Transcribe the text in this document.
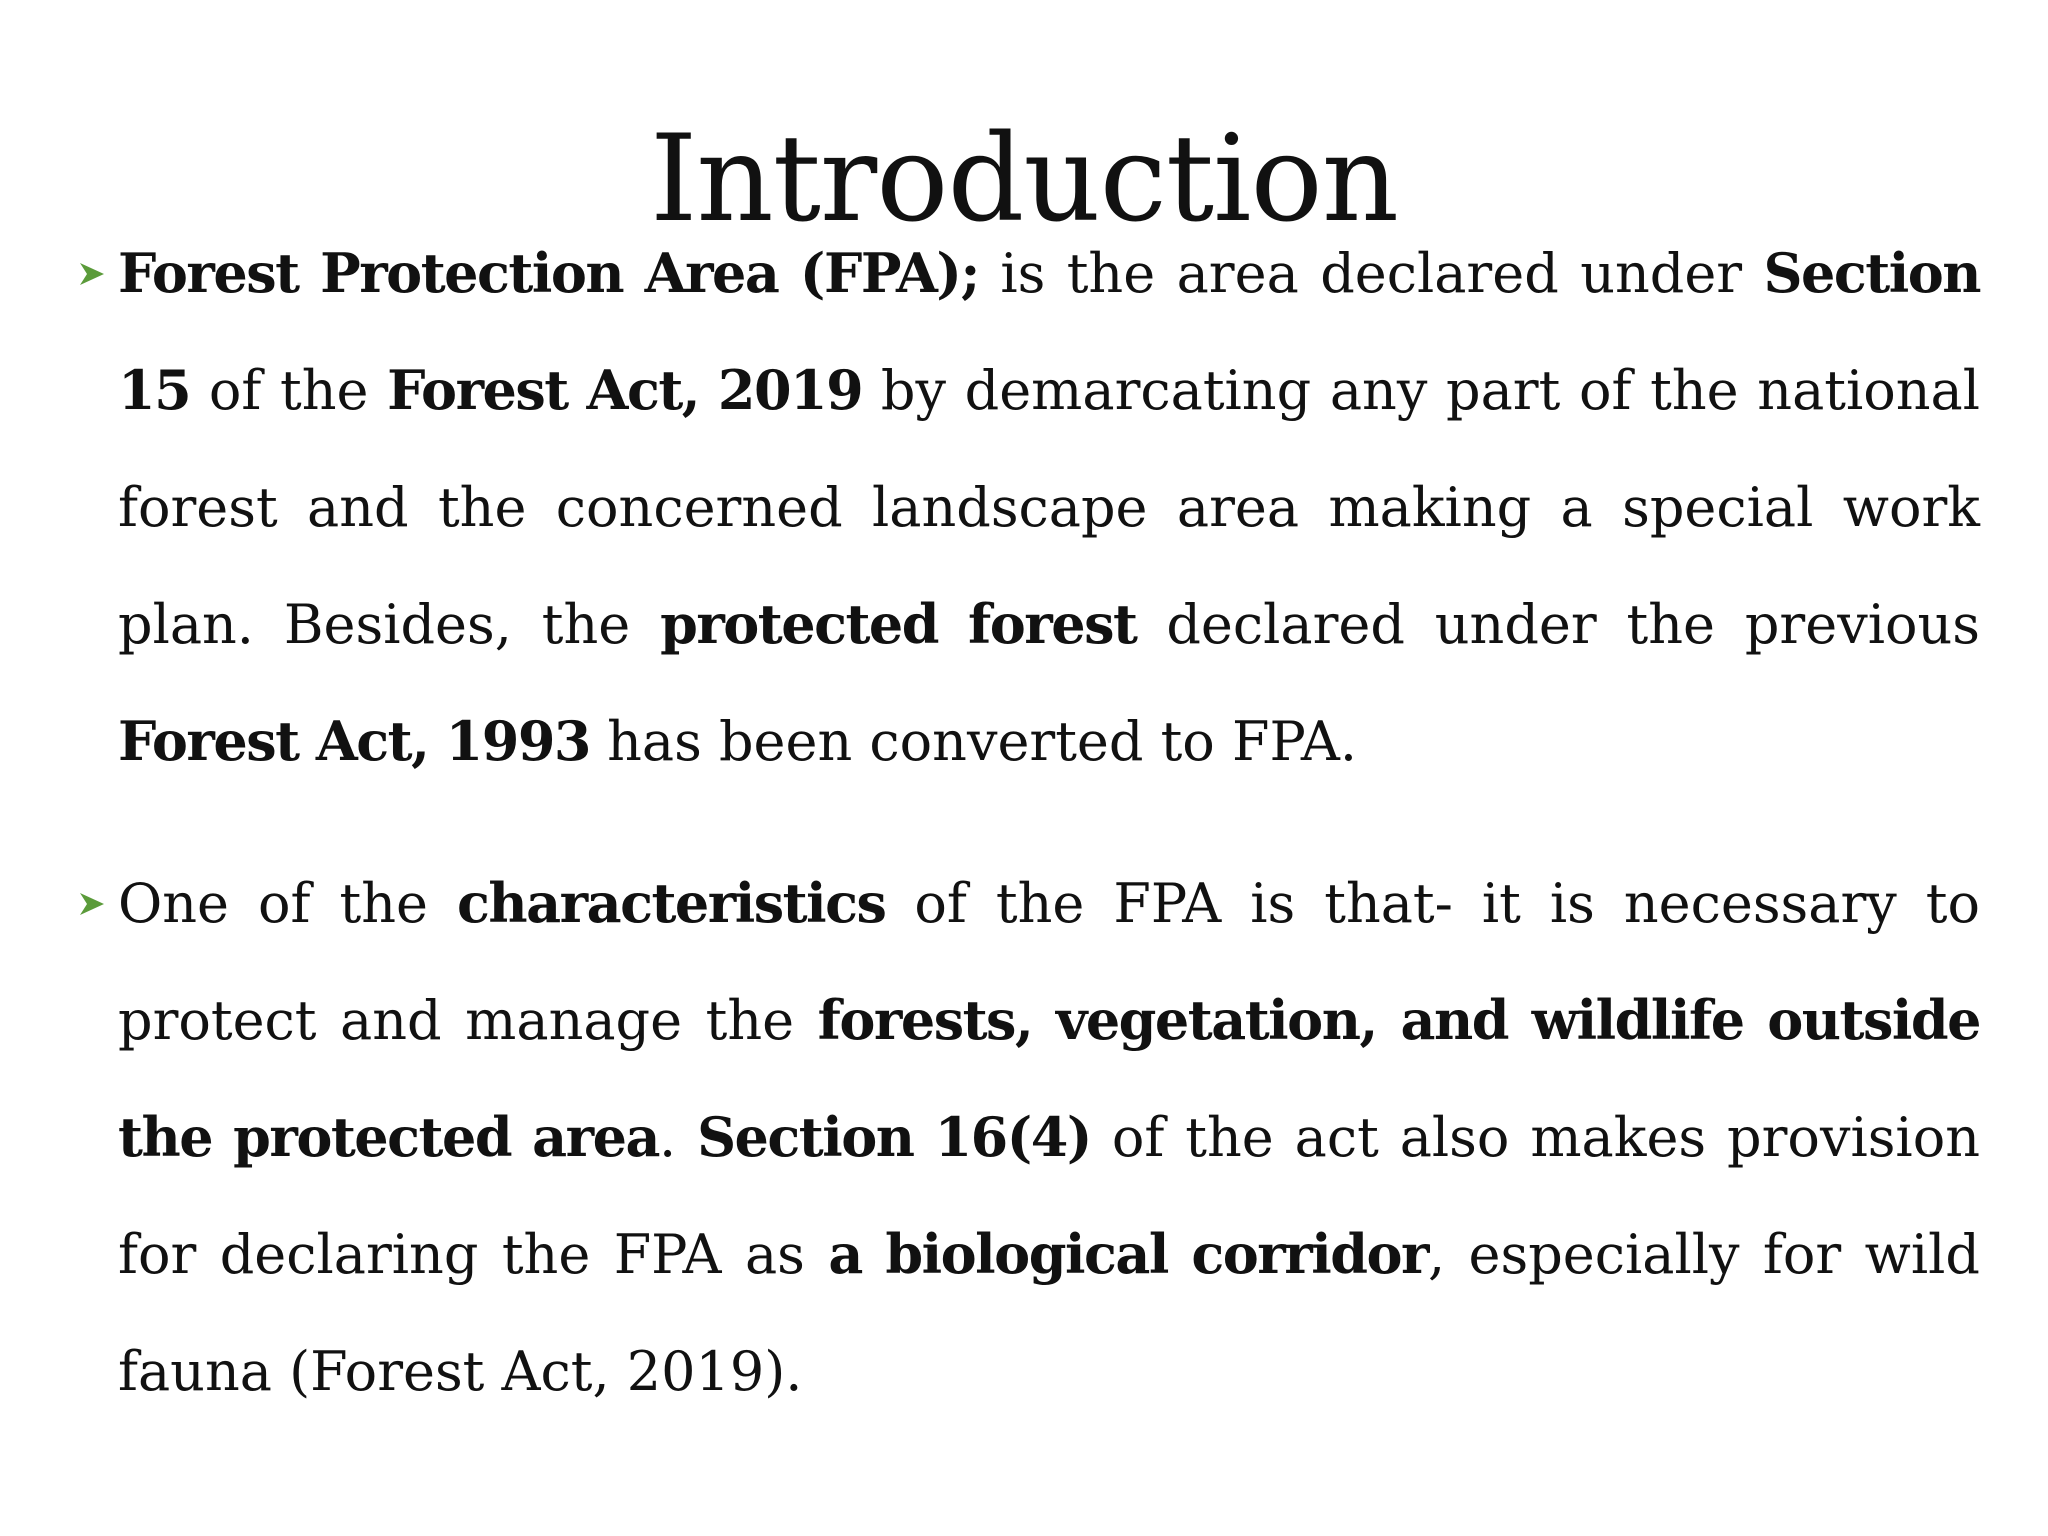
Introduction
Forest Protection Area (FPA); is the area declared under Section 15 of the Forest Act, 2019 by demarcating any part of the national forest and the concerned landscape area making a special work plan. Besides, the protected forest declared under the previous Forest Act, 1993 has been converted to FPA.
One of the characteristics of the FPA is that- it is necessary to protect and manage the forests, vegetation, and wildlife outside the protected area. Section 16(4) of the act also makes provision for declaring the FPA as a biological corridor, especially for wild fauna (Forest Act, 2019).
